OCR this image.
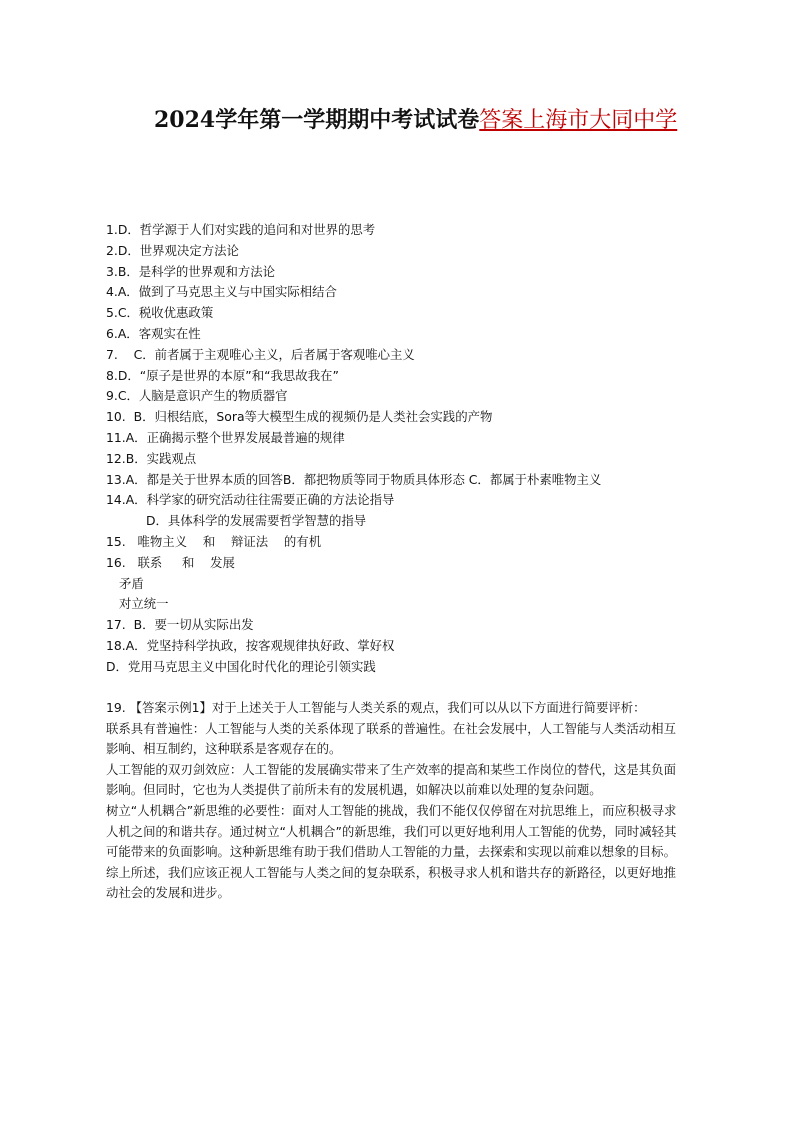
2024学年第一学期期中考试试卷答案上海市大同中学
1.D．哲学源于人们对实践的追问和对世界的思考
2.D．世界观决定方法论
3.B．是科学的世界观和方法论
4.A．做到了马克思主义与中国实际相结合
5.C．税收优惠政策
6.A．客观实在性
7.    C．前者属于主观唯心主义，后者属于客观唯心主义
8.D．“原子是世界的本原”和“我思故我在”
9.C．人脑是意识产生的物质器官
10.  B．归根结底，Sora等大模型生成的视频仍是人类社会实践的产物
11.A．正确揭示整个世界发展最普遍的规律
12.B．实践观点
13.A．都是关于世界本质的回答B．都把物质等同于物质具体形态 C．都属于朴素唯物主义
14.A．科学家的研究活动往往需要正确的方法论指导
D．具体科学的发展需要哲学智慧的指导
15.   唯物主义    和    辩证法    的有机
16.   联系     和    发展
矛盾
对立统一
17.  B．要一切从实际出发
18.A．党坚持科学执政，按客观规律执好政、掌好权
D．党用马克思主义中国化时代化的理论引领实践

19. 【答案示例1】对于上述关于人工智能与人类关系的观点，我们可以从以下方面进行简要评析：

联系具有普遍性：人工智能与人类的关系体现了联系的普遍性。在社会发展中，人工智能与人类活动相互影响、相互制约，这种联系是客观存在的。

人工智能的双刃剑效应：人工智能的发展确实带来了生产效率的提高和某些工作岗位的替代，这是其负面影响。但同时，它也为人类提供了前所未有的发展机遇，如解决以前难以处理的复杂问题。

树立“人机耦合”新思维的必要性：面对人工智能的挑战，我们不能仅仅停留在对抗思维上，而应积极寻求人机之间的和谐共存。通过树立“人机耦合”的新思维，我们可以更好地利用人工智能的优势，同时减轻其可能带来的负面影响。这种新思维有助于我们借助人工智能的力量，去探索和实现以前难以想象的目标。

综上所述，我们应该正视人工智能与人类之间的复杂联系，积极寻求人机和谐共存的新路径，以更好地推动社会的发展和进步。
